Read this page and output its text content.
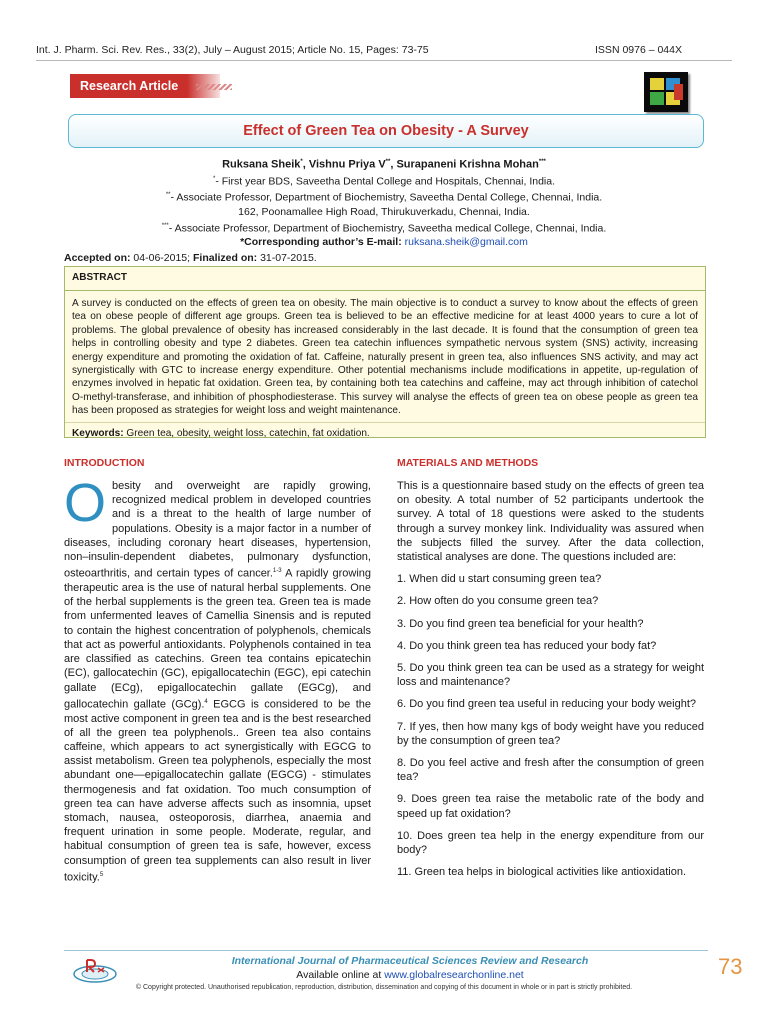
Int. J. Pharm. Sci. Rev. Res., 33(2), July – August 2015; Article No. 15, Pages: 73-75	ISSN 0976 – 044X
Research Article
Effect of Green Tea on Obesity - A Survey
Ruksana Sheik*, Vishnu Priya V**, Surapaneni Krishna Mohan***
*- First year BDS, Saveetha Dental College and Hospitals, Chennai, India.
**- Associate Professor, Department of Biochemistry, Saveetha Dental College, Chennai, India.
162, Poonamallee High Road, Thirukuverkadu, Chennai, India.
***- Associate Professor, Department of Biochemistry, Saveetha medical College, Chennai, India.
*Corresponding author’s E-mail: ruksana.sheik@gmail.com
Accepted on: 04-06-2015; Finalized on: 31-07-2015.

ABSTRACT

A survey is conducted on the effects of green tea on obesity. The main objective is to conduct a survey to know about the effects of green tea on obese people of different age groups. Green tea is believed to be an effective medicine for at least 4000 years to cure a lot of problems. The global prevalence of obesity has increased considerably in the last decade. It is found that the consumption of green tea helps in controlling obesity and type 2 diabetes. Green tea catechin influences sympathetic nervous system (SNS) activity, increasing energy expenditure and promoting the oxidation of fat. Caffeine, naturally present in green tea, also influences SNS activity, and may act synergistically with GTC to increase energy expenditure. Other potential mechanisms include modifications in appetite, up-regulation of enzymes involved in hepatic fat oxidation. Green tea, by containing both tea catechins and caffeine, may act through inhibition of catechol O-methyl-transferase, and inhibition of phosphodiesterase. This survey will analyse the effects of green tea on obese people as green tea has been proposed as strategies for weight loss and weight maintenance.

Keywords: Green tea, obesity, weight loss, catechin, fat oxidation.

INTRODUCTION

Obesity and overweight are rapidly growing, recognized medical problem in developed countries and is a threat to the health of large number of populations. Obesity is a major factor in a number of diseases, including coronary heart diseases, hypertension, non–insulin-dependent diabetes, pulmonary dysfunction, osteoarthritis, and certain types of cancer.$^{1-3}$ A rapidly growing therapeutic area is the use of natural herbal supplements. One of the herbal supplements is the green tea. Green tea is made from unfermented leaves of Camellia Sinensis and is reputed to contain the highest concentration of polyphenols, chemicals that act as powerful antioxidants. Polyphenols contained in tea are classified as catechins. Green tea contains epicatechin (EC), gallocatechin (GC), epigallocatechin (EGC), epi catechin gallate (ECg), epigallocatechin gallate (EGCg), and gallocatechin gallate (GCg).$^4$ EGCG is considered to be the most active component in green tea and is the best researched of all the green tea polyphenols.. Green tea also contains caffeine, which appears to act synergistically with EGCG to assist metabolism. Green tea polyphenols, especially the most abundant one—epigallocatechin gallate (EGCG) - stimulates thermogenesis and fat oxidation. Too much consumption of green tea can have adverse affects such as insomnia, upset stomach, nausea, osteoporosis, diarrhea, anaemia and frequent urination in some people. Moderate, regular, and habitual consumption of green tea is safe, however, excess consumption of green tea supplements can also result in liver toxicity.$^5$

MATERIALS AND METHODS

This is a questionnaire based study on the effects of green tea on obesity. A total number of 52 participants undertook the survey. A total of 18 questions were asked to the students through a survey monkey link. Individuality was assured when the subjects filled the survey. After the data collection, statistical analyses are done. The questions included are:

1. When did u start consuming green tea?

2. How often do you consume green tea?

3. Do you find green tea beneficial for your health?

4. Do you think green tea has reduced your body fat?

5. Do you think green tea can be used as a strategy for weight loss and maintenance?

6. Do you find green tea useful in reducing your body weight?

7. If yes, then how many kgs of body weight have you reduced by the consumption of green tea?

8. Do you feel active and fresh after the consumption of green tea?

9. Does green tea raise the metabolic rate of the body and speed up fat oxidation?

10. Does green tea help in the energy expenditure from our body?

11. Green tea helps in biological activities like antioxidation.

International Journal of Pharmaceutical Sciences Review and Research
Available online at www.globalresearchonline.net
© Copyright protected. Unauthorised republication, reproduction, distribution, dissemination and copying of this document in whole or in part is strictly prohibited.
73
